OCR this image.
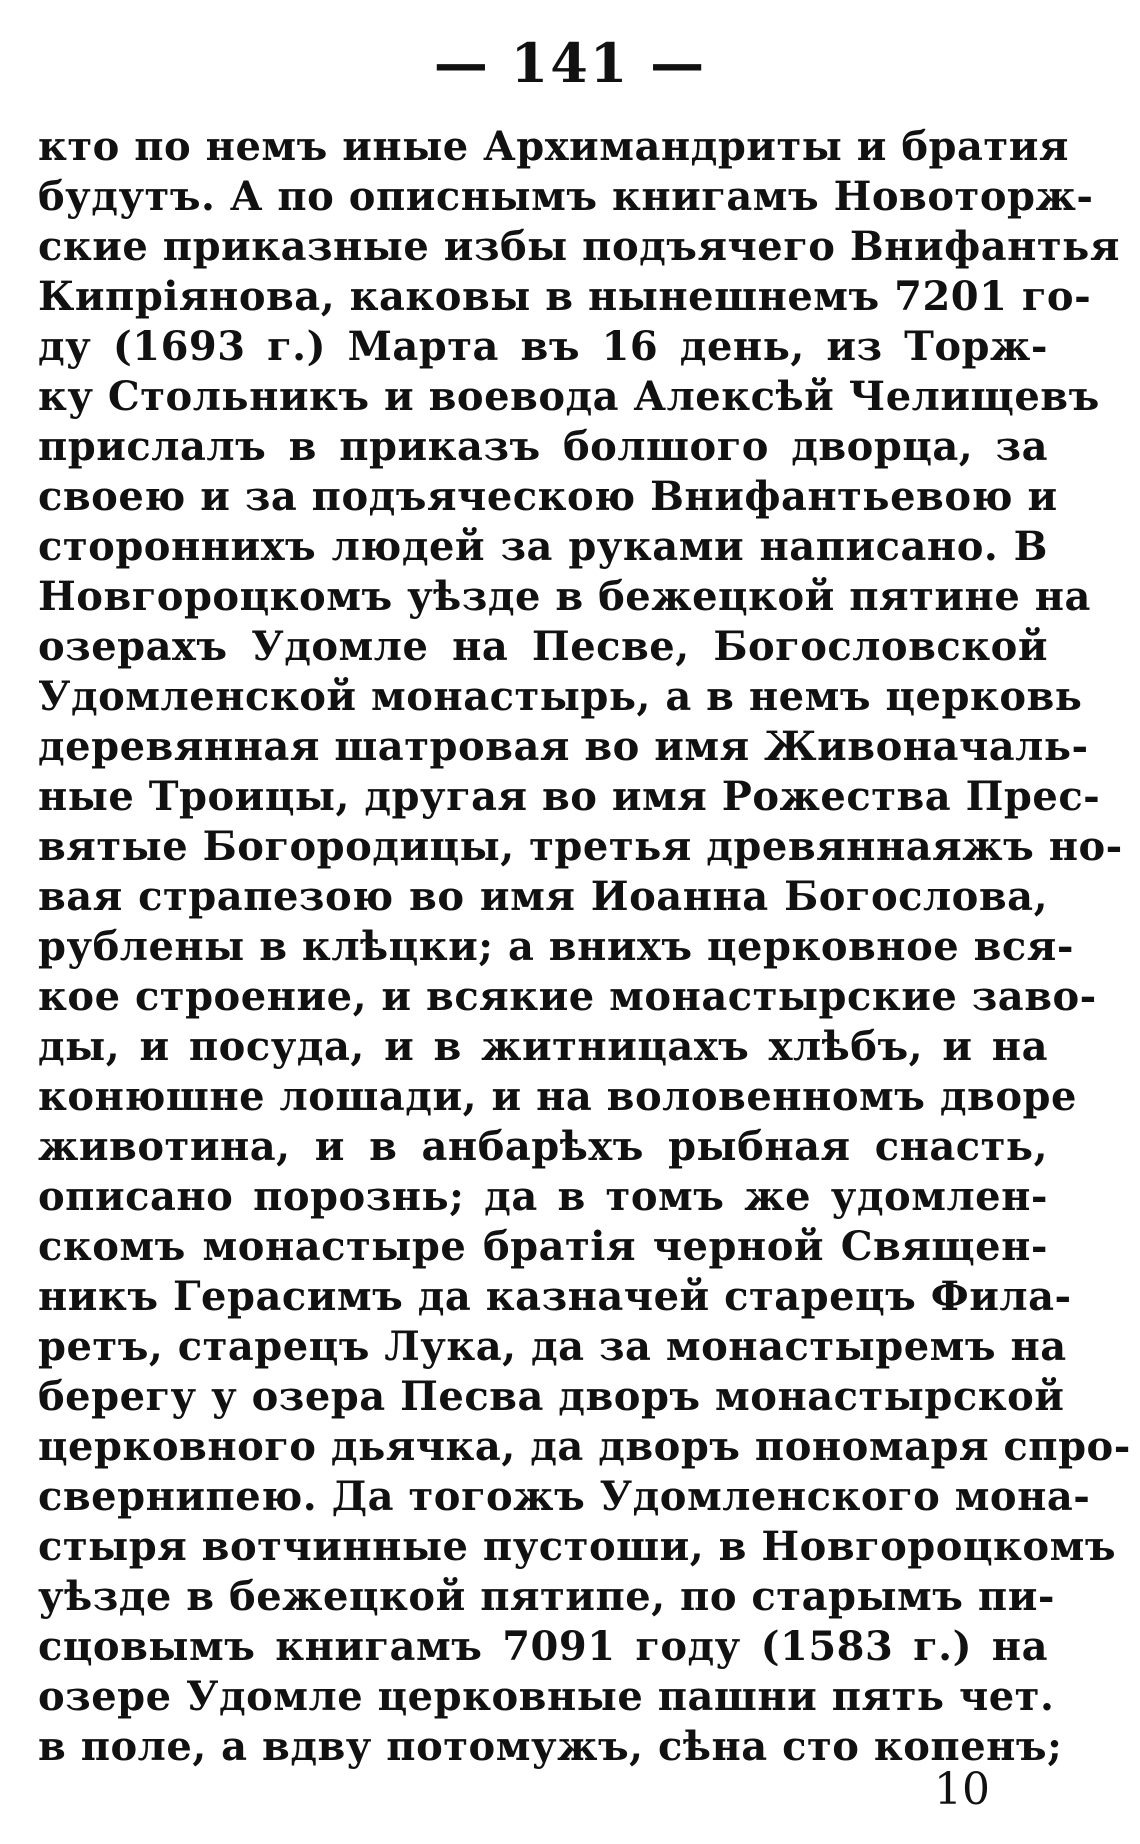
— 141 —
кто по немъ иные Архимандриты и братия
будутъ. А по описнымъ книгамъ Новоторж-
ские приказные избы подъячего Внифантья
Кипріянова, каковы в нынешнемъ 7201 го-
ду (1693 г.) Марта въ 16 день, из Торж-
ку Стольникъ и воевода Алексѣй Челищевъ
прислалъ в приказъ болшого дворца, за
своею и за подъяческою Внифантьевою и
стороннихъ людей за руками написано. В
Новгороцкомъ уѣзде в бежецкой пятине на
озерахъ Удомле на Песве, Богословской
Удомленской монастырь, а в немъ церковь
деревянная шатровая во имя Живоначаль-
ные Троицы, другая во имя Рожества Прес-
вятые Богородицы, третья древяннаяжъ но-
вая страпезою во имя Иоанна Богослова,
рублены в клѣцки; а внихъ церковное вся-
кое строение, и всякие монастырские заво-
ды, и посуда, и в житницахъ хлѣбъ, и на
конюшне лошади, и на воловенномъ дворе
животина, и в анбарѣхъ рыбная снасть,
описано порознь; да в томъ же удомлен-
скомъ монастыре братія черной Священ-
никъ Герасимъ да казначей старецъ Филa-
ретъ, старецъ Лука, да за монастыремъ на
берегу у озера Песва дворъ монастырской
церковного дьячка, да дворъ пономаря спро-
свернипею. Да тогожъ Удомленского мона-
стыря вотчинные пустоши, в Новгороцкомъ
уѣзде в бежецкой пятипе, по старымъ пи-
сцовымъ книгамъ 7091 году (1583 г.) на
озере Удомле церковные пашни пять чет.
в поле, а вдву потомужъ, сѣна сто копенъ;
10
